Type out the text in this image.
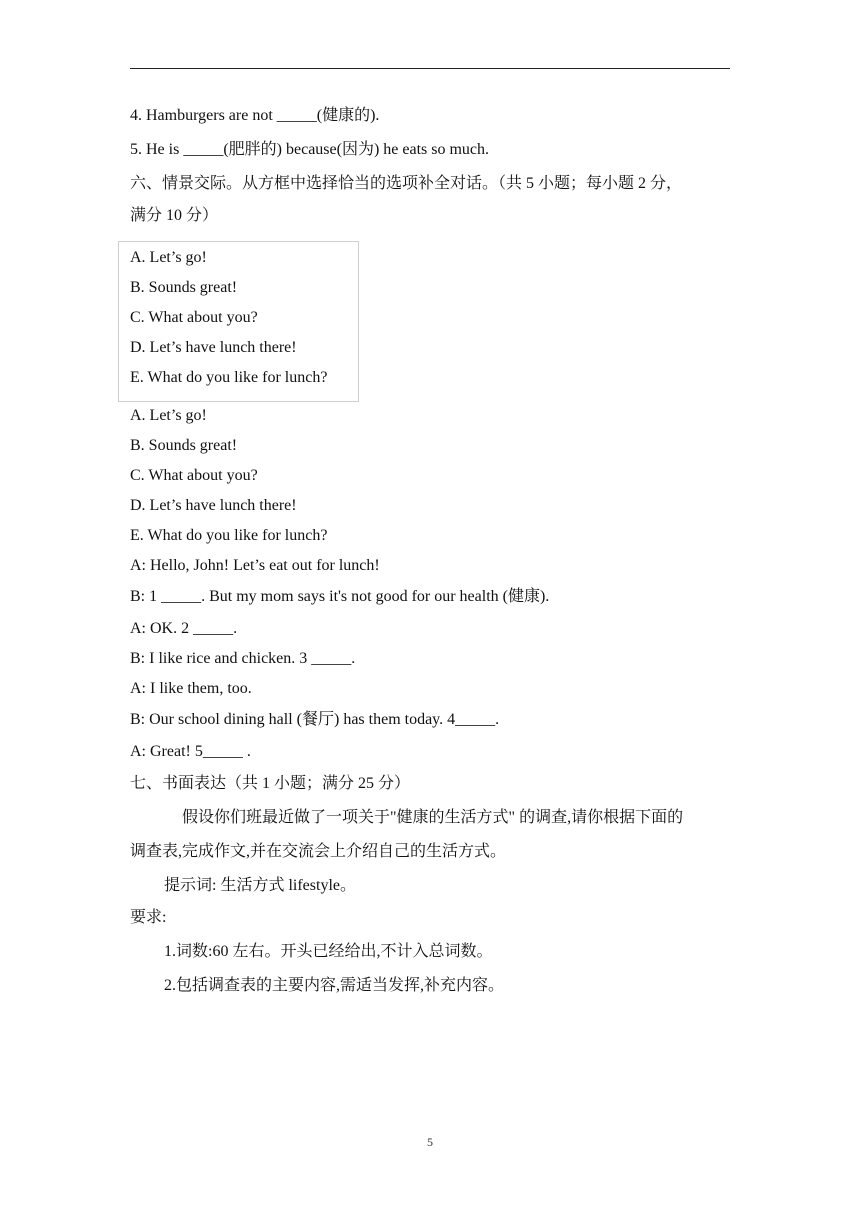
4. Hamburgers are not _____(健康的).
5. He is _____(肥胖的) because(因为) he eats so much.
六、情景交际。从方框中选择恰当的选项补全对话。（共 5 小题；每小题 2 分，
满分 10 分）
A. Let’s go!
B. Sounds great!
C. What about you?
D. Let’s have lunch there!
E. What do you like for lunch?
A. Let’s go!
B. Sounds great!
C. What about you?
D. Let’s have lunch there!
E. What do you like for lunch?
A: Hello, John! Let’s eat out for lunch!
B: 1 _____. But my mom says it's not good for our health (健康).
A: OK. 2 _____.
B: I like rice and chicken. 3 _____.
A: I like them, too.
B: Our school dining hall (餐厅) has them today. 4_____.
A: Great! 5_____ .
七、书面表达（共 1 小题；满分 25 分）
假设你们班最近做了一项关于"健康的生活方式" 的调查,请你根据下面的
调查表,完成作文,并在交流会上介绍自己的生活方式。
提示词: 生活方式 lifestyle。
要求:
1.词数:60 左右。开头已经给出,不计入总词数。
2.包括调查表的主要内容,需适当发挥,补充内容。
5
